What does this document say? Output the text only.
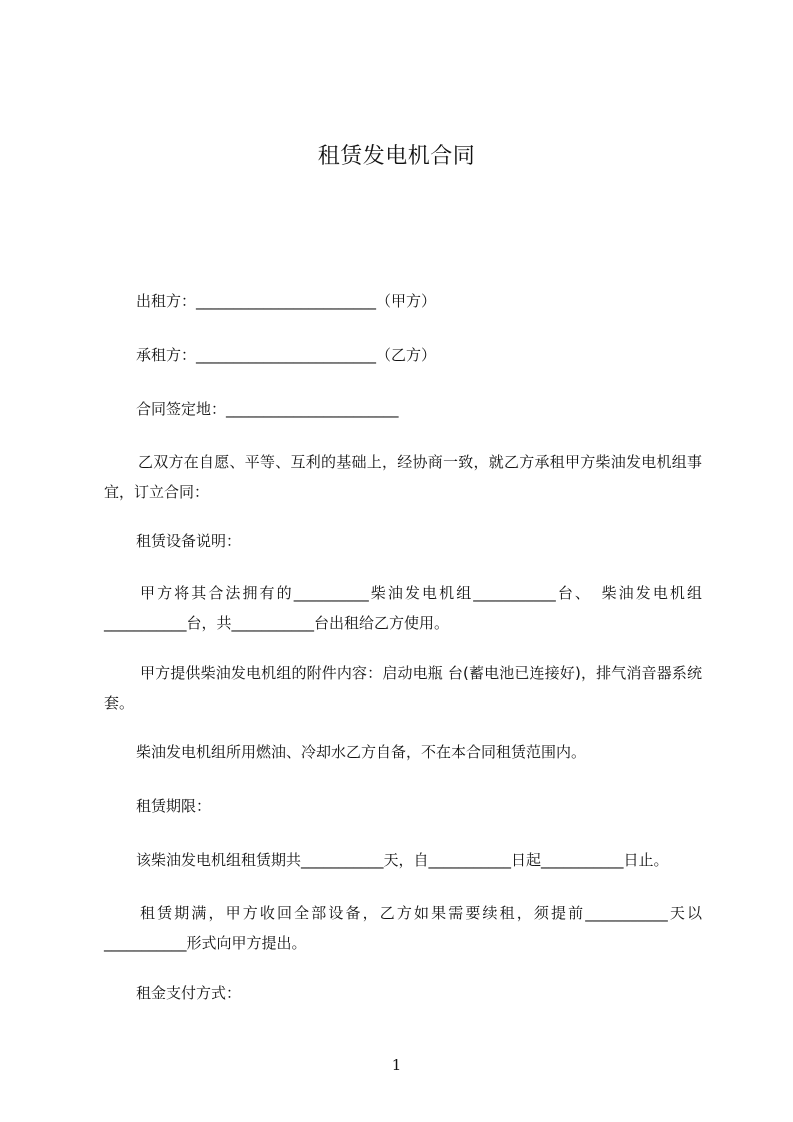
租赁发电机合同
出租方：________________________（甲方）
承租方：________________________（乙方）
合同签定地：_______________________
乙双方在自愿、平等、互利的基础上，经协商一致，就乙方承租甲方柴油发电机组事宜，订立合同：
租赁设备说明：
甲方将其合法拥有的__________柴油发电机组___________台、　柴油发电机组___________台，共___________台出租给乙方使用。
甲方提供柴油发电机组的附件内容：启动电瓶 台(蓄电池已连接好)，排气消音器系统 套。
柴油发电机组所用燃油、冷却水乙方自备，不在本合同租赁范围内。
租赁期限：
该柴油发电机组租赁期共___________天，自___________日起___________日止。
租赁期满，甲方收回全部设备，乙方如果需要续租，须提前___________天以___________形式向甲方提出。
租金支付方式：
1
